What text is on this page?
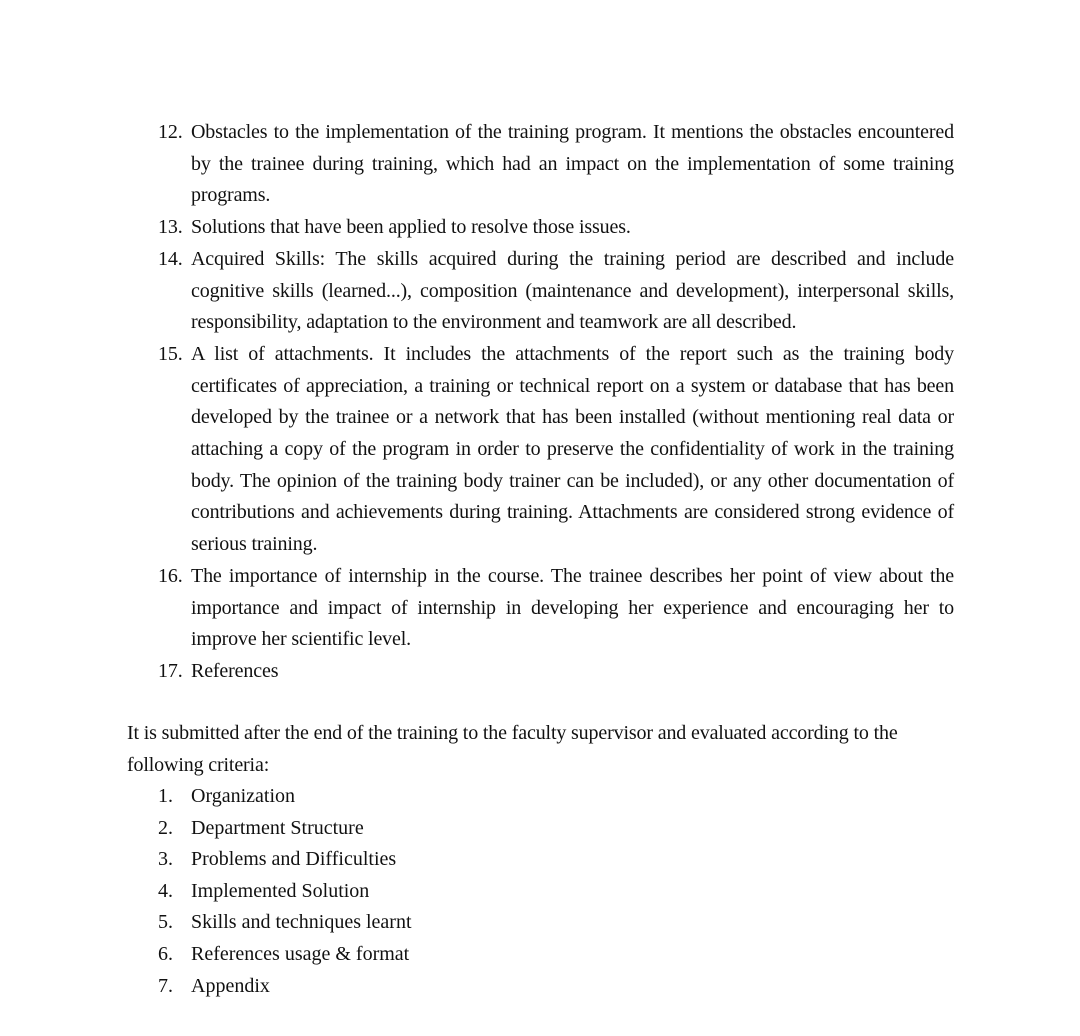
12. Obstacles to the implementation of the training program. It mentions the obstacles encountered by the trainee during training, which had an impact on the implementation of some training programs.
13. Solutions that have been applied to resolve those issues.
14. Acquired Skills: The skills acquired during the training period are described and include cognitive skills (learned...), composition (maintenance and development), interpersonal skills, responsibility, adaptation to the environment and teamwork are all described.
15. A list of attachments. It includes the attachments of the report such as the training body certificates of appreciation, a training or technical report on a system or database that has been developed by the trainee or a network that has been installed (without mentioning real data or attaching a copy of the program in order to preserve the confidentiality of work in the training body. The opinion of the training body trainer can be included), or any other documentation of contributions and achievements during training. Attachments are considered strong evidence of serious training.
16. The importance of internship in the course. The trainee describes her point of view about the importance and impact of internship in developing her experience and encouraging her to improve her scientific level.
17. References

It is submitted after the end of the training to the faculty supervisor and evaluated according to the following criteria:

1. Organization
2. Department Structure
3. Problems and Difficulties
4. Implemented Solution
5. Skills and techniques learnt
6. References usage & format
7. Appendix
